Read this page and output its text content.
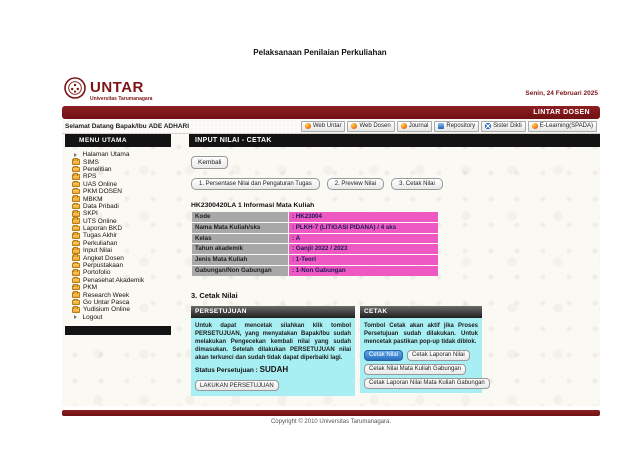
Pelaksanaan Penilaian Perkuliahan
UNTAR
Universitas Tarumanagara
Senin, 24 Februari 2025
LINTAR DOSEN
Selamat Datang Bapak/Ibu ADE ADHARI	Web Untar	Web Dosen	Journal	Repository	Sister Dikti	E-Learning(SPADA)
MENU UTAMA
Halaman Utama
SIMS
Penelitian
RPS
UAS Online
PKM DOSEN
MBKM
Data Pribadi
SKPI
UTS Online
Laporan BKD
Tugas Akhir
Perkuliahan
Input Nilai
Angket Dosen
Perpustakaan
Portofolio
Penasehat Akademik
PKM
Research Week
Go Untar Pasca
Yudisium Online
Logout
INPUT NILAI - CETAK
Kembali
1. Persentase Nilai dan Pengaturan Tugas	2. Preview Nilai	3. Cetak Nilai
HK2300420LA 1 Informasi Mata Kuliah
Kode	: HK23004
Nama Mata Kuliah/sks	: PLKH-7 (LITIGASI PIDANA) / 4 sks
Kelas	: A
Tahun akademik	: Ganjil 2022 / 2023
Jenis Mata Kuliah	: 1-Teori
Gabungan/Non Gabungan	: 1-Non Gabungan
3. Cetak Nilai
PERSETUJUAN
Untuk dapat mencetak silahkan klik tombol PERSETUJUAN, yang menyatakan Bapak/Ibu sudah melakukan Pengecekan kembali nilai yang sudah dimasukan. Setelah dilakukan PERSETUJUAN nilai akan terkunci dan sudah tidak dapat diperbaiki lagi.
Status Persetujuan : SUDAH
LAKUKAN PERSETUJUAN
CETAK
Tombol Cetak akan aktif jika Proses Persetujuan sudah dilakukan. Untuk mencetak pastikan pop-up tidak diblok.
Cetak Nilai	Cetak Laporan Nilai
Cetak Nilai Mata Kuliah Gabungan
Cetak Laporan Nilai Mata Kuliah Gabungan
Copyright © 2010 Universitas Tarumanagara.
